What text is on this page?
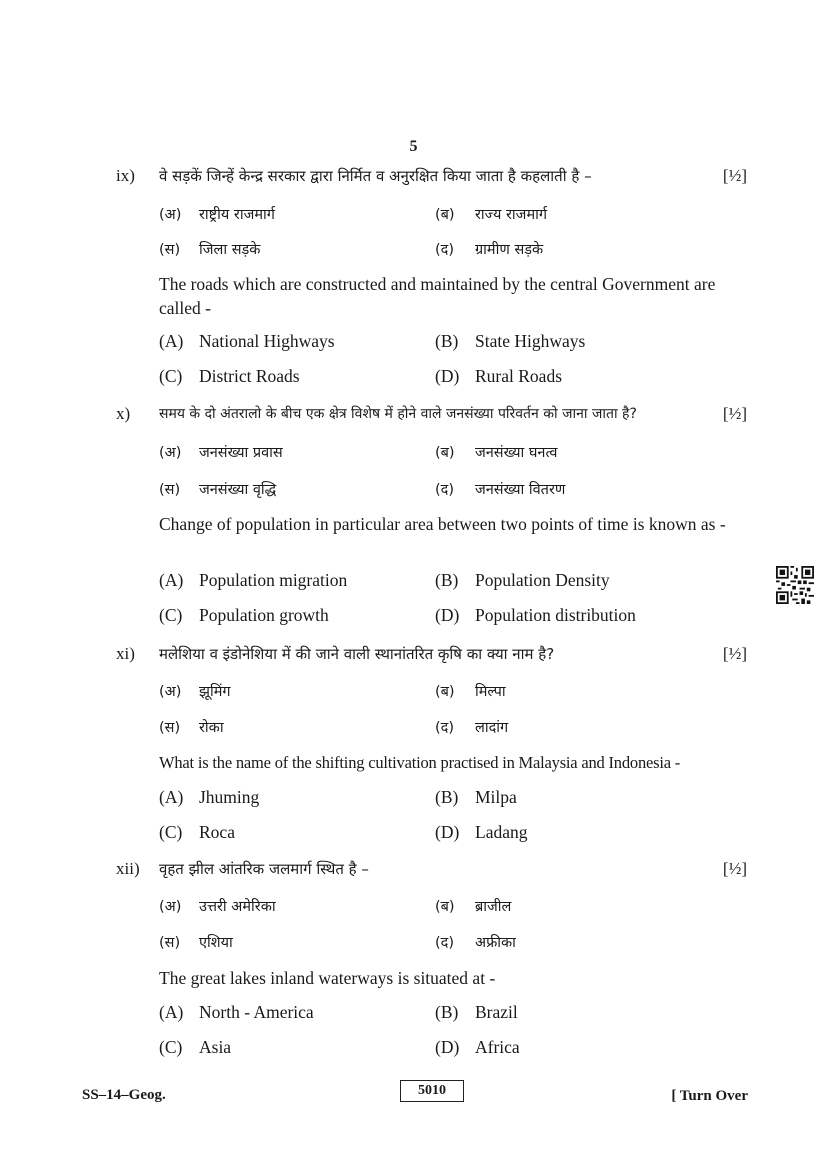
5
ix) वे सड़कें जिन्हें केन्द्र सरकार द्वारा निर्मित व अनुरक्षित किया जाता है कहलाती है –	[½]
(अ) राष्ट्रीय राजमार्ग	(ब) राज्य राजमार्ग
(स) जिला सड़के	(द) ग्रामीण सड़के
The roads which are constructed and maintained by the central Government are called -
(A) National Highways	(B) State Highways
(C) District Roads	(D) Rural Roads
x) समय के दो अंतरालो के बीच एक क्षेत्र विशेष में होने वाले जनसंख्या परिवर्तन को जाना जाता है?	[½]
(अ) जनसंख्या प्रवास	(ब) जनसंख्या घनत्व
(स) जनसंख्या वृद्धि	(द) जनसंख्या वितरण
Change of population in particular area between two points of time is known as -
(A) Population migration	(B) Population Density
(C) Population growth	(D) Population distribution
xi) मलेशिया व इंडोनेशिया में की जाने वाली स्थानांतरित कृषि का क्या नाम है?	[½]
(अ) झूमिंग	(ब) मिल्पा
(स) रोका	(द) लादांग
What is the name of the shifting cultivation practised in Malaysia and Indonesia -
(A) Jhuming	(B) Milpa
(C) Roca	(D) Ladang
xii) वृहत झील आंतरिक जलमार्ग स्थित है –	[½]
(अ) उत्तरी अमेरिका	(ब) ब्राजील
(स) एशिया	(द) अफ्रीका
The great lakes inland waterways is situated at -
(A) North - America	(B) Brazil
(C) Asia	(D) Africa
SS–14–Geog.	5010	[ Turn Over
